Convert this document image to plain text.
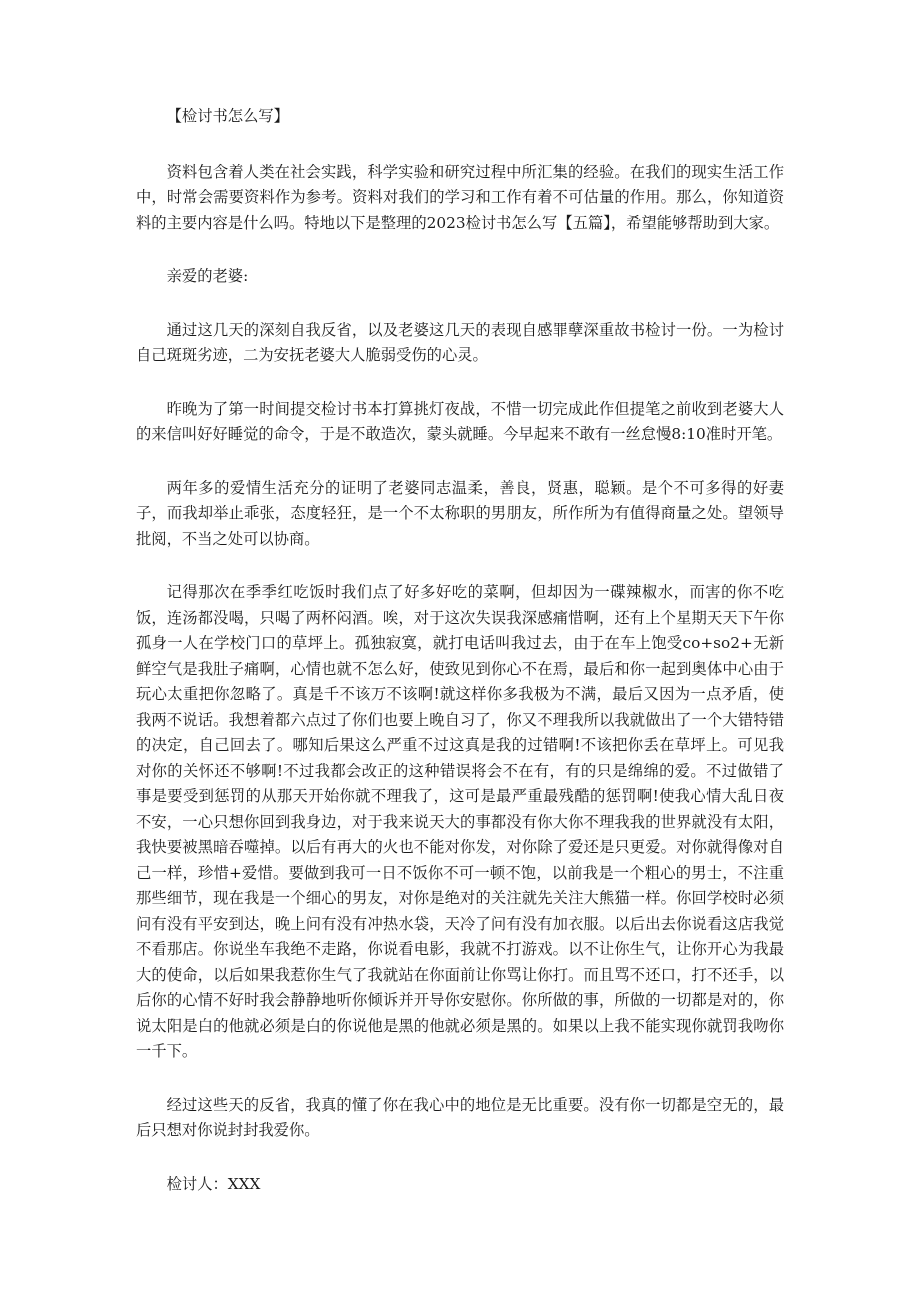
【检讨书怎么写】

资料包含着人类在社会实践，科学实验和研究过程中所汇集的经验。在我们的现实生活工作中，时常会需要资料作为参考。资料对我们的学习和工作有着不可估量的作用。那么，你知道资料的主要内容是什么吗。特地以下是整理的2023检讨书怎么写【五篇】，希望能够帮助到大家。

亲爱的老婆:

通过这几天的深刻自我反省，以及老婆这几天的表现自感罪孽深重故书检讨一份。一为检讨自己斑斑劣迹，二为安抚老婆大人脆弱受伤的心灵。

昨晚为了第一时间提交检讨书本打算挑灯夜战，不惜一切完成此作但提笔之前收到老婆大人的来信叫好好睡觉的命令，于是不敢造次，蒙头就睡。今早起来不敢有一丝怠慢8:10准时开笔。

两年多的爱情生活充分的证明了老婆同志温柔，善良，贤惠，聪颖。是个不可多得的好妻子，而我却举止乖张，态度轻狂，是一个不太称职的男朋友，所作所为有值得商量之处。望领导批阅，不当之处可以协商。

记得那次在季季红吃饭时我们点了好多好吃的菜啊，但却因为一碟辣椒水，而害的你不吃饭，连汤都没喝，只喝了两杯闷酒。唉，对于这次失误我深感痛惜啊，还有上个星期天天下午你孤身一人在学校门口的草坪上。孤独寂寞，就打电话叫我过去，由于在车上饱受co+so2+无新鲜空气是我肚子痛啊，心情也就不怎么好，使致见到你心不在焉，最后和你一起到奥体中心由于玩心太重把你忽略了。真是千不该万不该啊!就这样你多我极为不满，最后又因为一点矛盾，使我两不说话。我想着都六点过了你们也要上晚自习了，你又不理我所以我就做出了一个大错特错的决定，自己回去了。哪知后果这么严重不过这真是我的过错啊!不该把你丢在草坪上。可见我对你的关怀还不够啊!不过我都会改正的这种错误将会不在有，有的只是绵绵的爱。不过做错了事是要受到惩罚的从那天开始你就不理我了，这可是最严重最残酷的惩罚啊!使我心情大乱日夜不安，一心只想你回到我身边，对于我来说天大的事都没有你大你不理我我的世界就没有太阳，我快要被黑暗吞噬掉。以后有再大的火也不能对你发，对你除了爱还是只更爱。对你就得像对自己一样，珍惜+爱惜。要做到我可一日不饭你不可一顿不饱，以前我是一个粗心的男士，不注重那些细节，现在我是一个细心的男友，对你是绝对的关注就先关注大熊猫一样。你回学校时必须问有没有平安到达，晚上问有没有冲热水袋，天冷了问有没有加衣服。以后出去你说看这店我觉不看那店。你说坐车我绝不走路，你说看电影，我就不打游戏。以不让你生气，让你开心为我最大的使命，以后如果我惹你生气了我就站在你面前让你骂让你打。而且骂不还口，打不还手，以后你的心情不好时我会静静地听你倾诉并开导你安慰你。你所做的事，所做的一切都是对的，你说太阳是白的他就必须是白的你说他是黑的他就必须是黑的。如果以上我不能实现你就罚我吻你一千下。

经过这些天的反省，我真的懂了你在我心中的地位是无比重要。没有你一切都是空无的，最后只想对你说封封我爱你。

检讨人：XXX
